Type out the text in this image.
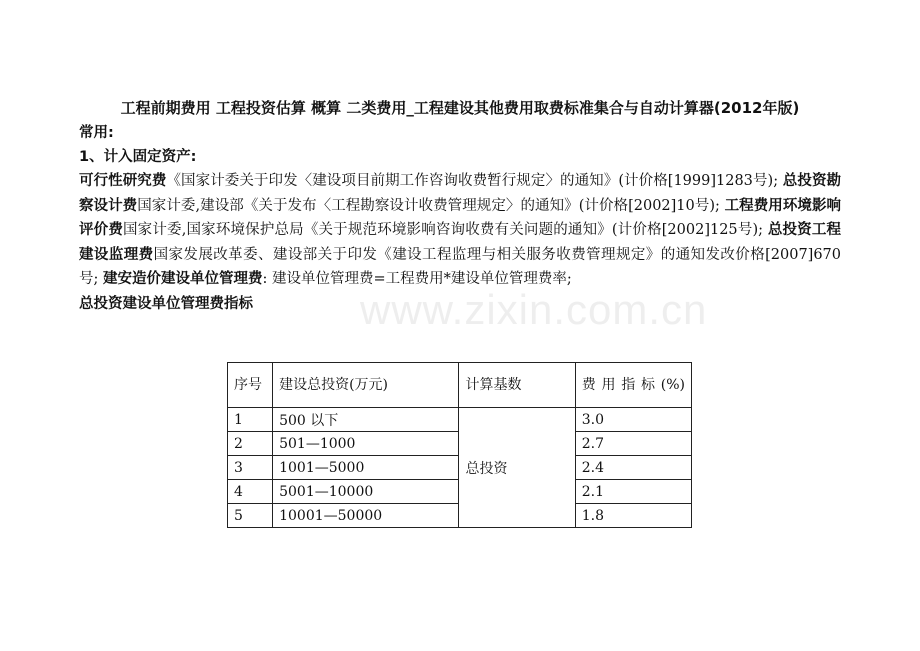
www.zixin.com.cn

工程前期费用 工程投资估算 概算 二类费用_工程建设其他费用取费标准集合与自动计算器(2012年版)

常用:

1、计入固定资产:

可行性研究费《国家计委关于印发〈建设项目前期工作咨询收费暂行规定〉的通知》(计价格[1999]1283号); 总投资勘察设计费国家计委,建设部《关于发布〈工程勘察设计收费管理规定〉的通知》(计价格[2002]10号); 工程费用环境影响评价费国家计委,国家环境保护总局《关于规范环境影响咨询收费有关问题的通知》(计价格[2002]125号); 总投资工程建设监理费国家发展改革委、建设部关于印发《建设工程监理与相关服务收费管理规定》的通知发改价格[2007]670号; 建安造价建设单位管理费: 建设单位管理费=工程费用*建设单位管理费率;

总投资建设单位管理费指标

序号	建设总投资(万元)	计算基数	费用指标(%)
1	500 以下	总投资	3.0
2	501—1000		2.7
3	1001—5000		2.4
4	5001—10000		2.1
5	10001—50000		1.8
